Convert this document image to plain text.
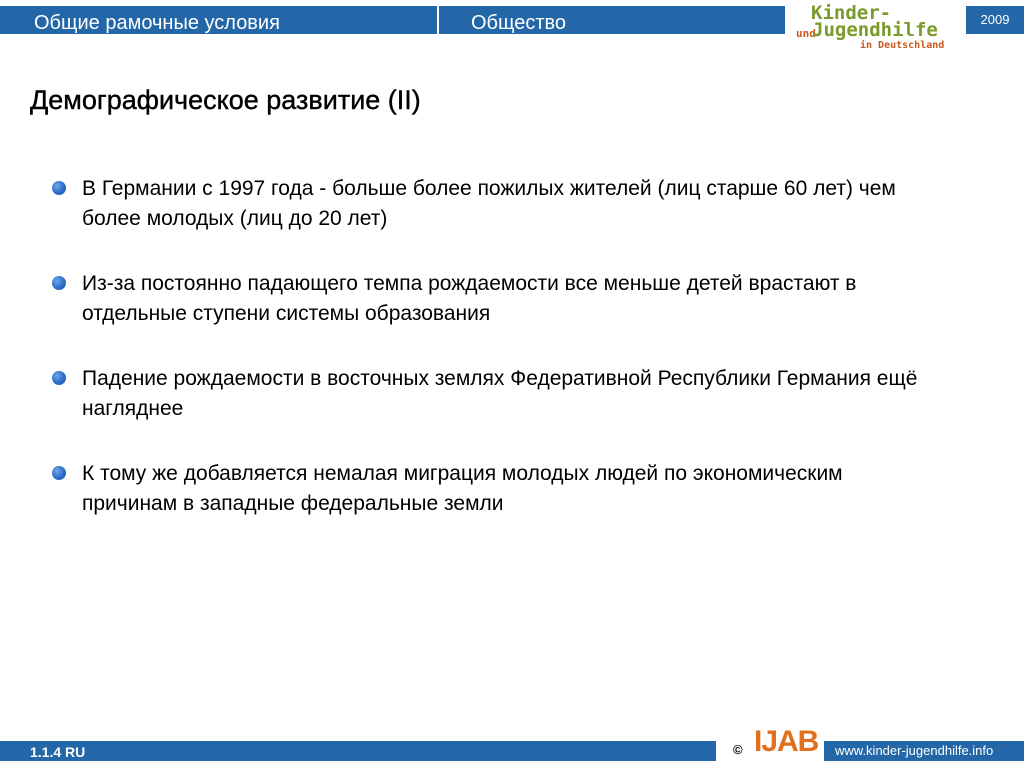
Общие рамочные условия	Общество	Kinder-
und
Jugendhilfe
in Deutschland
2009
Демографическое развитие (II)
В Германии с 1997 года - больше более пожилых жителей (лиц старше 60 лет) чем более молодых (лиц до 20 лет)
Из-за постоянно падающего темпа рождаемости все меньше детей врастают в отдельные ступени системы образования
Падение рождаемости в восточных землях Федеративной Республики Германия ещё нагляднее
К тому же добавляется немалая миграция молодых людей по экономическим причинам в западные федеральные земли
1.1.4 RU	© IJAB	www.kinder-jugendhilfe.info
